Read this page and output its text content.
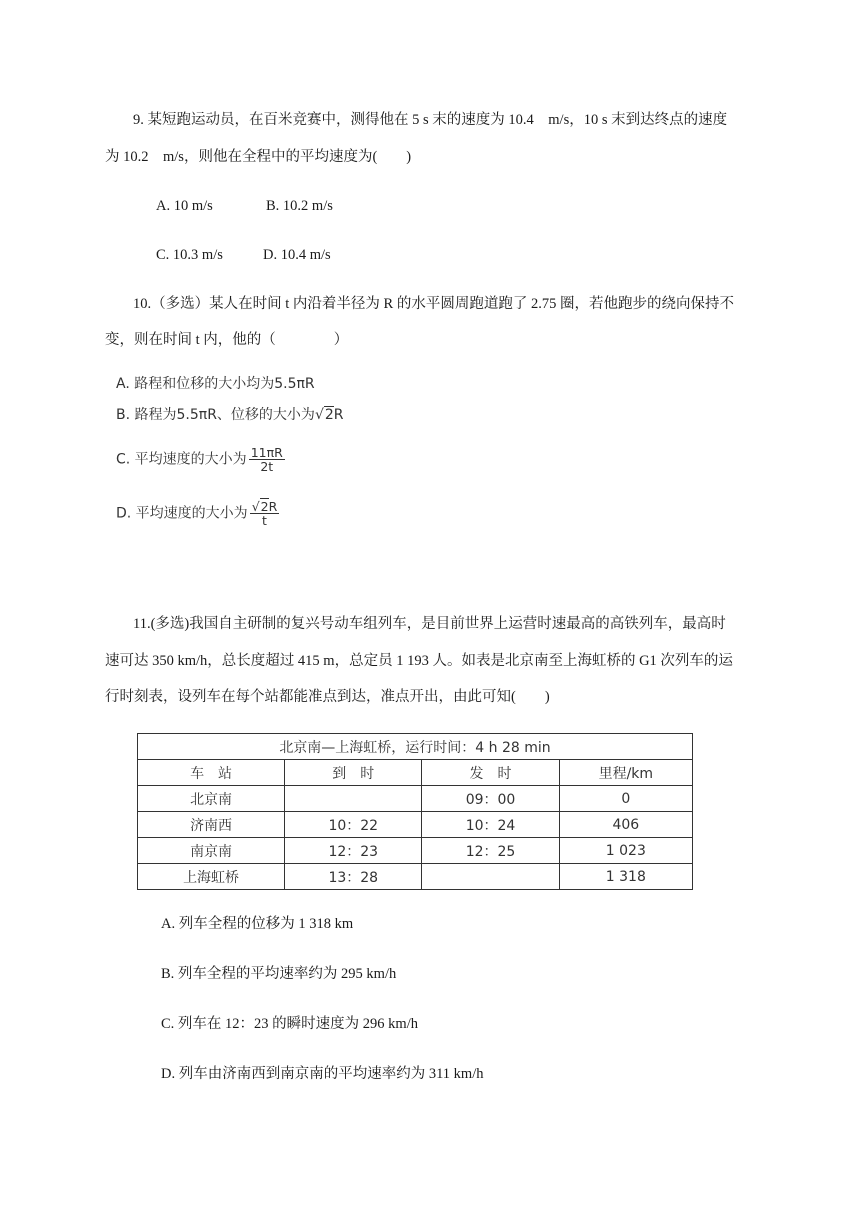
9. 某短跑运动员，在百米竞赛中，测得他在 5 s 末的速度为 10.4　m/s，10 s 末到达终点的速度
为 10.2　m/s，则他在全程中的平均速度为(　　)
A. 10 m/s	B. 10.2 m/s
C. 10.3 m/s	D. 10.4 m/s
10.（多选）某人在时间 t 内沿着半径为 R 的水平圆周跑道跑了 2.75 圈，若他跑步的绕向保持不
变，则在时间 t 内，他的（　　　　）
A. 路程和位移的大小均为5.5πR
B. 路程为5.5πR、位移的大小为√2R
C. 平均速度的大小为 $\frac{11\pi R}{2t}$
D. 平均速度的大小为 $\frac{√2R}{t}$
11.(多选)我国自主研制的复兴号动车组列车，是目前世界上运营时速最高的高铁列车，最高时
速可达 350 km/h，总长度超过 415 m，总定员 1 193 人。如表是北京南至上海虹桥的 G1 次列车的运
行时刻表，设列车在每个站都能准点到达，准点开出，由此可知(　　)
北京南—上海虹桥，运行时间：4 h 28 min			
车　站	到　时	发　时	里程/km
北京南		09：00	0
济南西	10：22	10：24	406
南京南	12：23	12：25	1 023
上海虹桥	13：28		1 318
A. 列车全程的位移为 1 318 km
B. 列车全程的平均速率约为 295 km/h
C. 列车在 12：23 的瞬时速度为 296 km/h
D. 列车由济南西到南京南的平均速率约为 311 km/h
